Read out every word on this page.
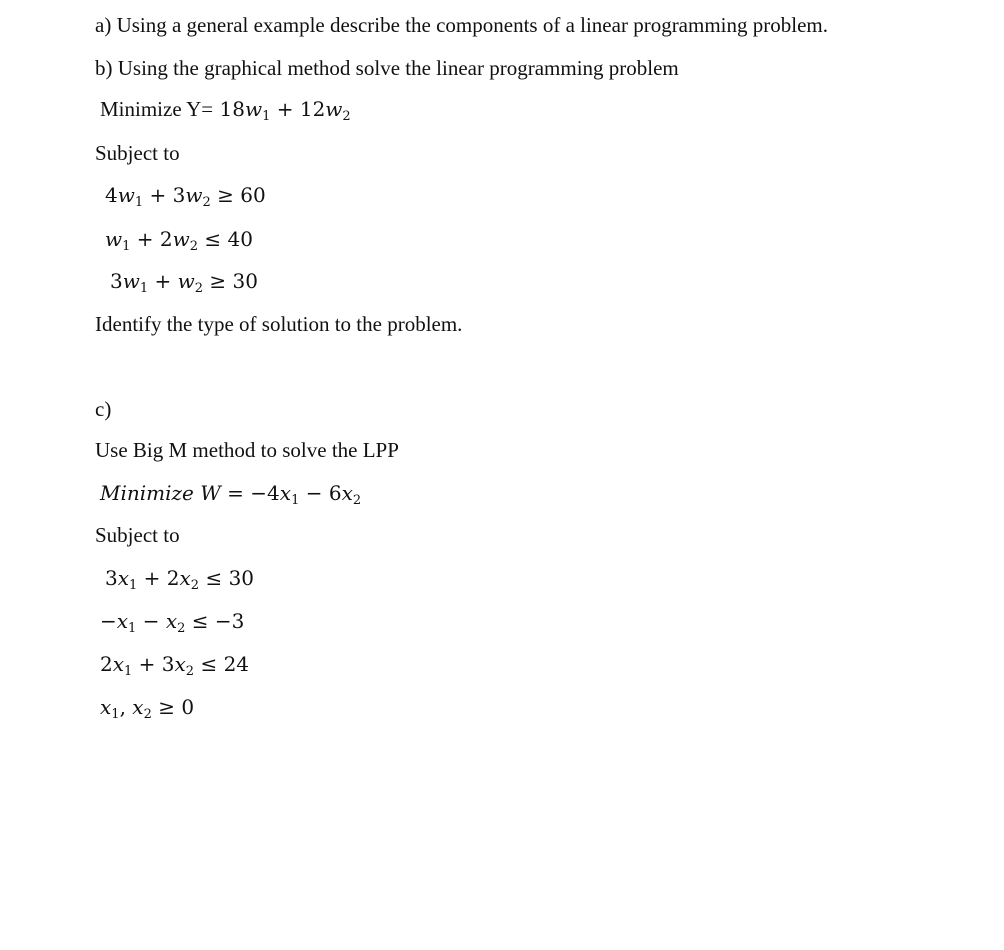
a) Using a general example describe the components of a linear programming problem.
b) Using the graphical method solve the linear programming problem
Minimize $Y= 18w_1 + 12w_2$
Subject to
$4w_1 + 3w_2 \ge 60$
$w_1 + 2w_2 \le 40$
$3w_1 + w_2 \ge 30$
Identify the type of solution to the problem.
c)
Use Big M method to solve the LPP
Minimize $W = -4x_1 - 6x_2$
Subject to
$3x_1 + 2x_2 \le 30$
$-x_1 - x_2 \le -3$
$2x_1 + 3x_2 \le 24$
$x_1$, $x_2 \ge 0$
